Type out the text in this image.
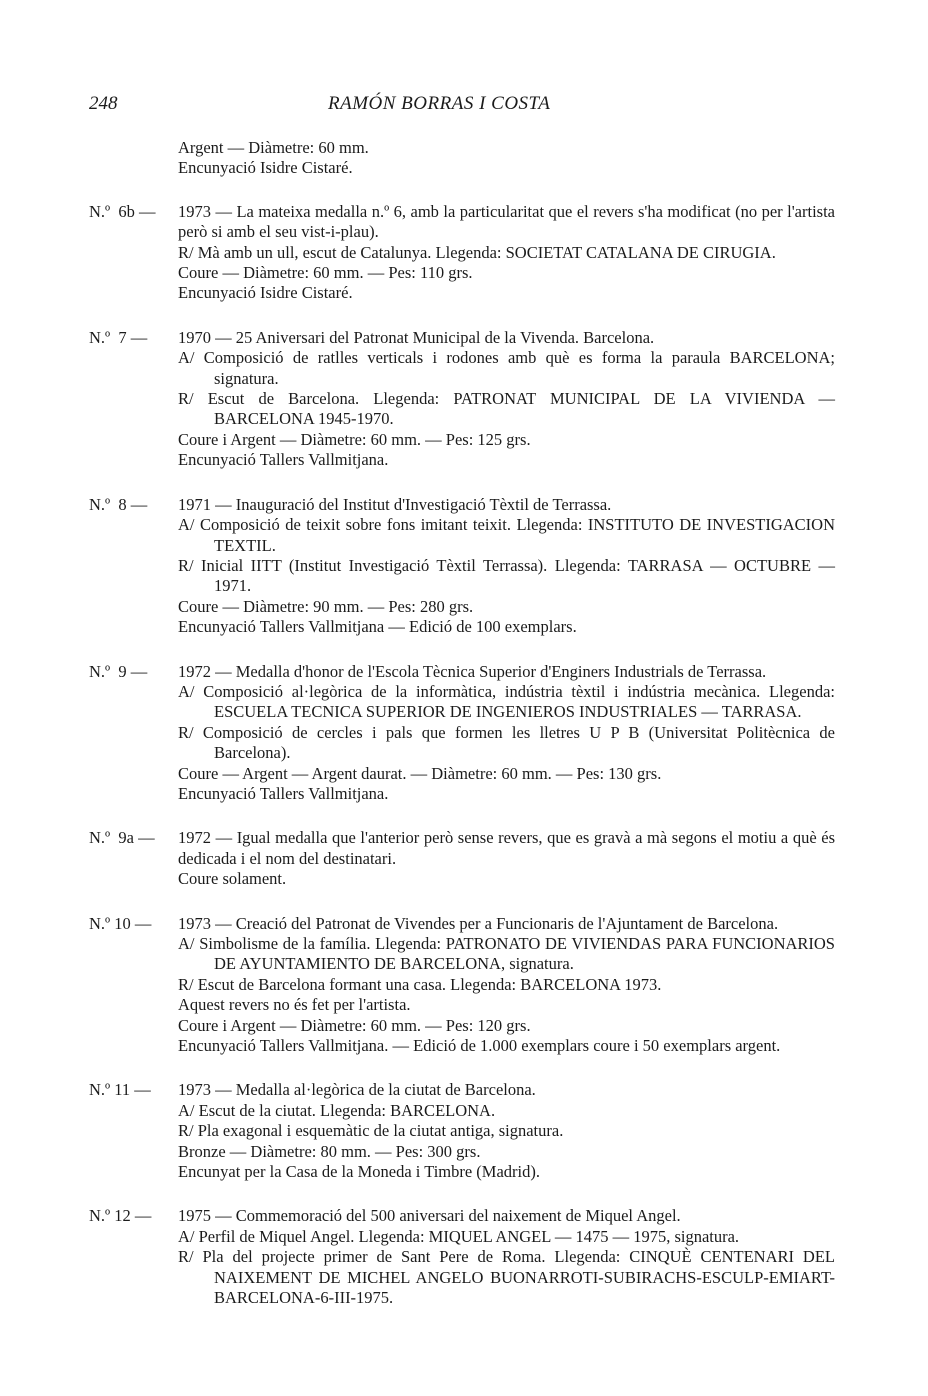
248	RAMÓN BORRAS I COSTA
Argent — Diàmetre: 60 mm.
Encunyació Isidre Cistaré.
N.º  6b —	1973 — La mateixa medalla n.º 6, amb la particularitat que el revers s'ha modificat (no per l'artista però si amb el seu vist-i-plau).
R/ Mà amb un ull, escut de Catalunya. Llegenda: SOCIETAT CATALANA DE CIRUGIA.
Coure — Diàmetre: 60 mm. — Pes: 110 grs.
Encunyació Isidre Cistaré.
N.º  7 —	1970 — 25 Aniversari del Patronat Municipal de la Vivenda. Barcelona.
A/ Composició de ratlles verticals i rodones amb què es forma la paraula BARCELONA; signatura.
R/ Escut de Barcelona. Llegenda: PATRONAT MUNICIPAL DE LA VIVIENDA — BARCELONA 1945-1970.
Coure i Argent — Diàmetre: 60 mm. — Pes: 125 grs.
Encunyació Tallers Vallmitjana.
N.º  8 —	1971 — Inauguració del Institut d'Investigació Tèxtil de Terrassa.
A/ Composició de teixit sobre fons imitant teixit. Llegenda: INSTITUTO DE INVESTIGACION TEXTIL.
R/ Inicial IITT (Institut Investigació Tèxtil Terrassa). Llegenda: TARRASA — OCTUBRE — 1971.
Coure — Diàmetre: 90 mm. — Pes: 280 grs.
Encunyació Tallers Vallmitjana — Edició de 100 exemplars.
N.º  9 —	1972 — Medalla d'honor de l'Escola Tècnica Superior d'Enginers Industrials de Terrassa.
A/ Composició al·legòrica de la informàtica, indústria tèxtil i indústria mecànica. Llegenda: ESCUELA TECNICA SUPERIOR DE INGENIEROS INDUSTRIALES — TARRASA.
R/ Composició de cercles i pals que formen les lletres U P B (Universitat Politècnica de Barcelona).
Coure — Argent — Argent daurat. — Diàmetre: 60 mm. — Pes: 130 grs.
Encunyació Tallers Vallmitjana.
N.º  9a —	1972 — Igual medalla que l'anterior però sense revers, que es gravà a mà segons el motiu a què és dedicada i el nom del destinatari.
Coure solament.
N.º 10 —	1973 — Creació del Patronat de Vivendes per a Funcionaris de l'Ajuntament de Barcelona.
A/ Simbolisme de la família. Llegenda: PATRONATO DE VIVIENDAS PARA FUNCIONARIOS DE AYUNTAMIENTO DE BARCELONA, signatura.
R/ Escut de Barcelona formant una casa. Llegenda: BARCELONA 1973.
Aquest revers no és fet per l'artista.
Coure i Argent — Diàmetre: 60 mm. — Pes: 120 grs.
Encunyació Tallers Vallmitjana. — Edició de 1.000 exemplars coure i 50 exemplars argent.
N.º 11 —	1973 — Medalla al·legòrica de la ciutat de Barcelona.
A/ Escut de la ciutat. Llegenda: BARCELONA.
R/ Pla exagonal i esquemàtic de la ciutat antiga, signatura.
Bronze — Diàmetre: 80 mm. — Pes: 300 grs.
Encunyat per la Casa de la Moneda i Timbre (Madrid).
N.º 12 —	1975 — Commemoració del 500 aniversari del naixement de Miquel Angel.
A/ Perfil de Miquel Angel. Llegenda: MIQUEL ANGEL — 1475 — 1975, signatura.
R/ Pla del projecte primer de Sant Pere de Roma. Llegenda: CINQUÈ CENTENARI DEL NAIXEMENT DE MICHEL ANGELO BUONARROTI-SUBIRACHS-ESCULP-EMIART-BARCELONA-6-III-1975.
